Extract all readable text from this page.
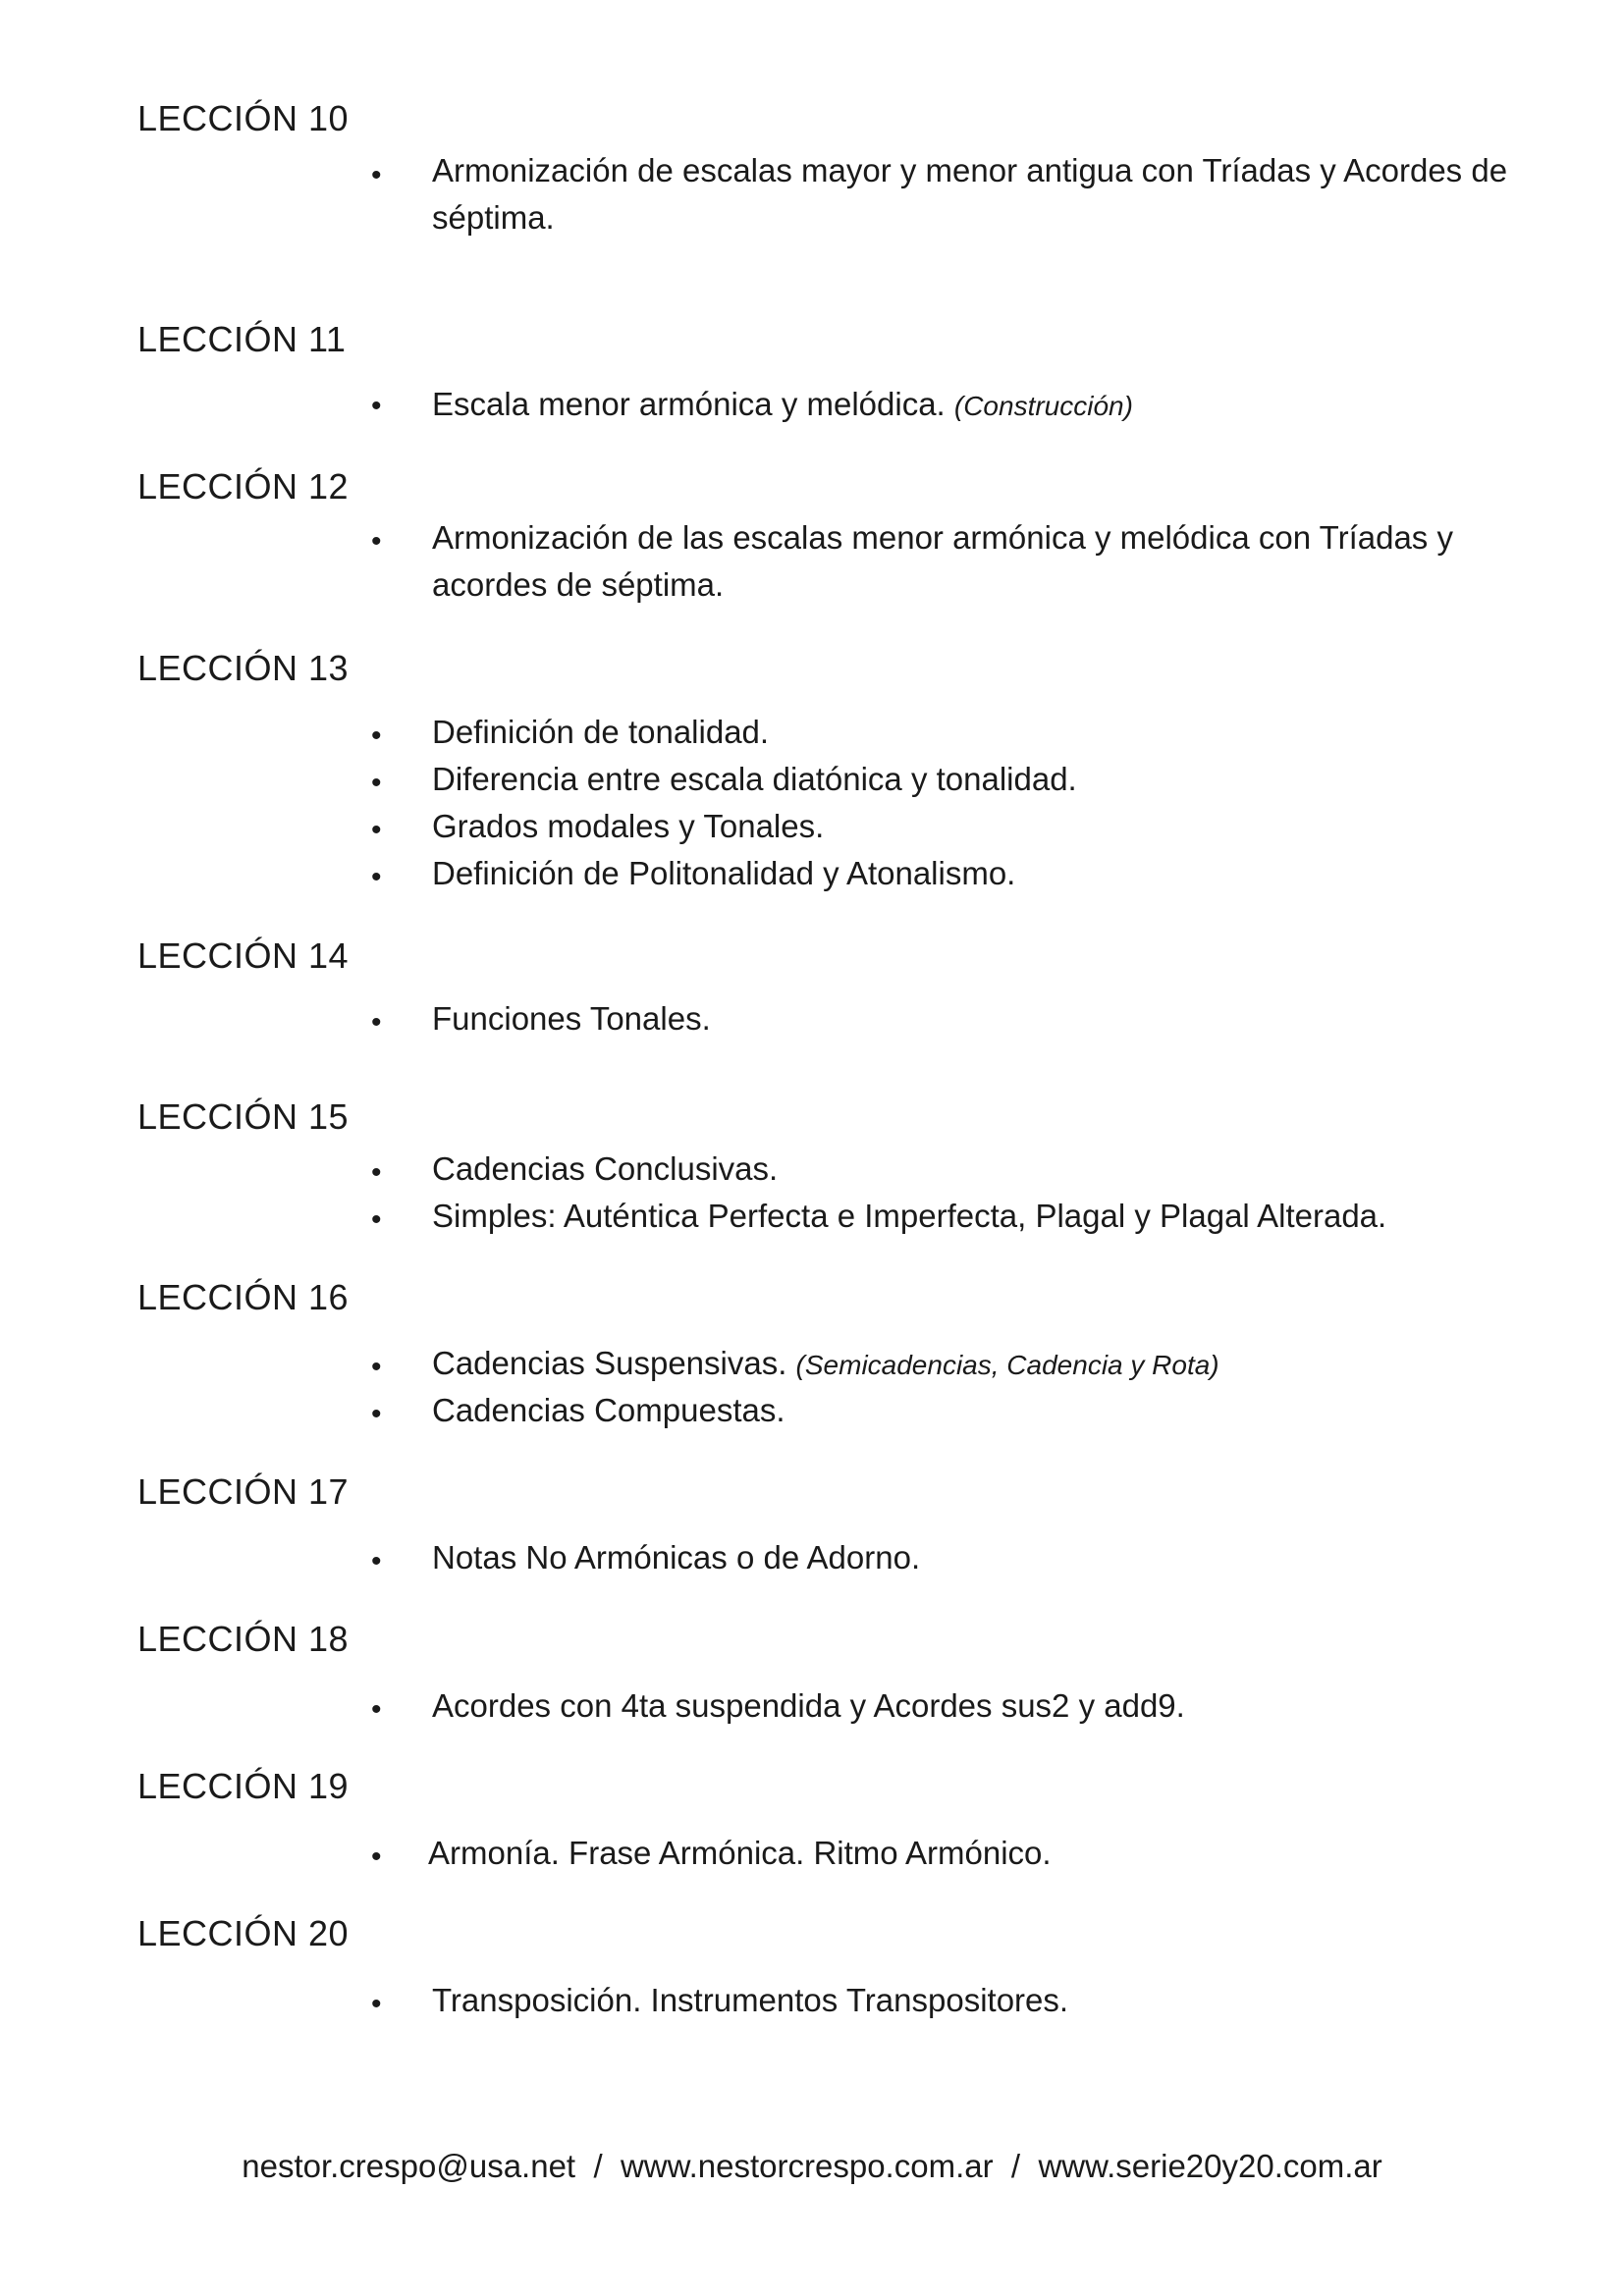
LECCIÓN 10
• Armonización de escalas mayor y menor antigua con Tríadas y Acordes de séptima.
LECCIÓN 11
• Escala menor armónica y melódica. (Construcción)
LECCIÓN 12
• Armonización de las escalas menor armónica y melódica con Tríadas y acordes de séptima.
LECCIÓN 13
• Definición de tonalidad.
• Diferencia entre escala diatónica y tonalidad.
• Grados modales y Tonales.
• Definición de Politonalidad y Atonalismo.
LECCIÓN 14
• Funciones Tonales.
LECCIÓN 15
• Cadencias Conclusivas.
• Simples: Auténtica Perfecta e Imperfecta, Plagal y Plagal Alterada.
LECCIÓN 16
• Cadencias Suspensivas. (Semicadencias, Cadencia y Rota)
• Cadencias Compuestas.
LECCIÓN 17
• Notas No Armónicas o de Adorno.
LECCIÓN 18
• Acordes con 4ta suspendida y Acordes sus2 y add9.
LECCIÓN 19
• Armonía. Frase Armónica. Ritmo Armónico.
LECCIÓN 20
• Transposición. Instrumentos Transpositores.
nestor.crespo@usa.net  /  www.nestorcrespo.com.ar  /  www.serie20y20.com.ar
